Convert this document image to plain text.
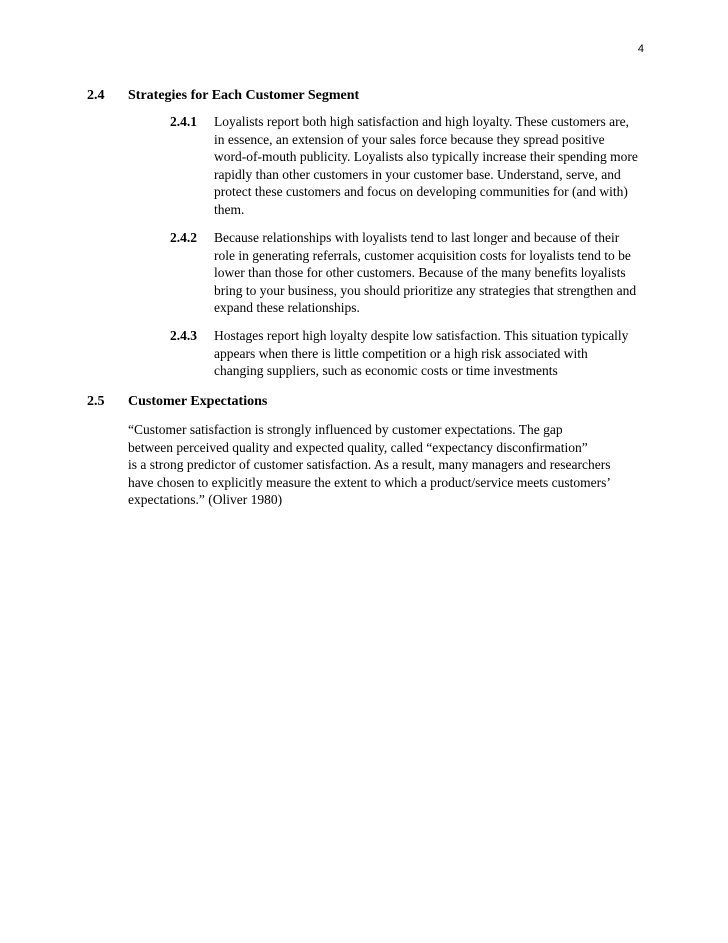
4
2.4 Strategies for Each Customer Segment
2.4.1 Loyalists report both high satisfaction and high loyalty. These customers are, in essence, an extension of your sales force because they spread positive word-of-mouth publicity. Loyalists also typically increase their spending more rapidly than other customers in your customer base. Understand, serve, and protect these customers and focus on developing communities for (and with) them.
2.4.2 Because relationships with loyalists tend to last longer and because of their role in generating referrals, customer acquisition costs for loyalists tend to be lower than those for other customers. Because of the many benefits loyalists bring to your business, you should prioritize any strategies that strengthen and expand these relationships.
2.4.3 Hostages report high loyalty despite low satisfaction. This situation typically appears when there is little competition or a high risk associated with changing suppliers, such as economic costs or time investments
2.5 Customer Expectations
“Customer satisfaction is strongly influenced by customer expectations. The gap
between perceived quality and expected quality, called “expectancy disconfirmation”
is a strong predictor of customer satisfaction. As a result, many managers and researchers
have chosen to explicitly measure the extent to which a product/service meets customers’
expectations.” (Oliver 1980)
